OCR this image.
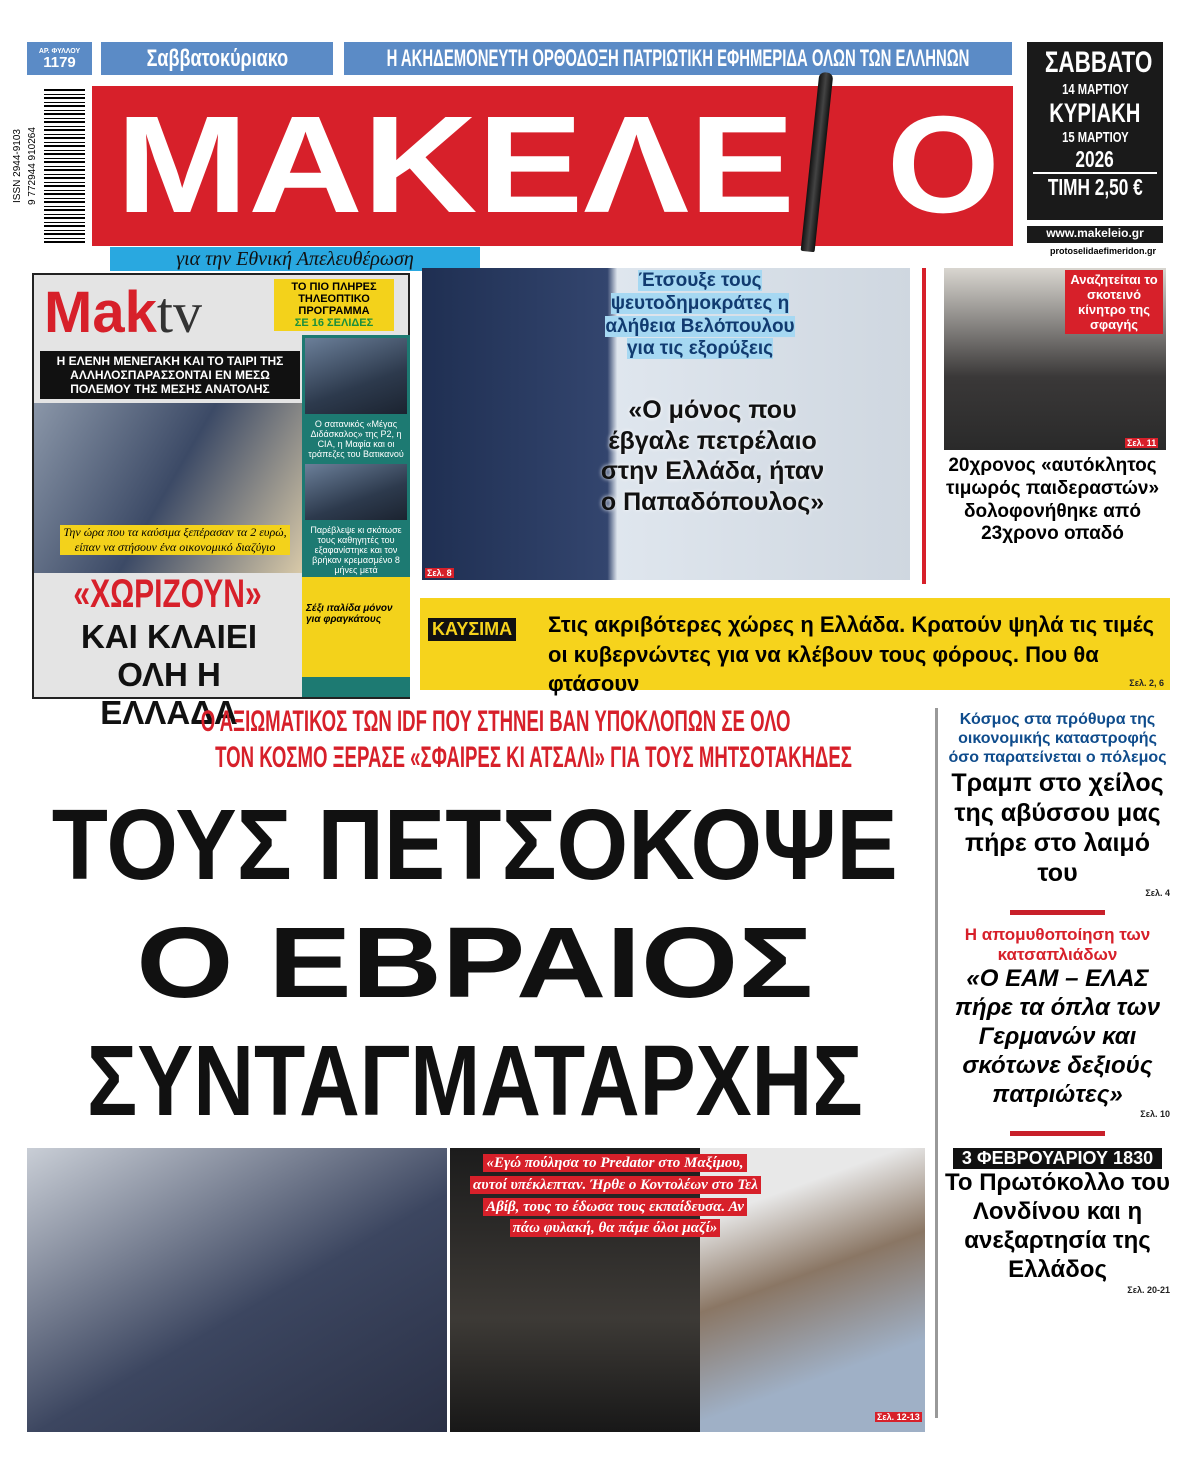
ΑΡ. ΦΥΛΛΟΥ
1179	Σαββατοκύριακο	Η ΑΚΗΔΕΜΟΝΕΥΤΗ ΟΡΘΟΔΟΞΗ ΠΑΤΡΙΩΤΙΚΗ ΕΦΗΜΕΡΙΔΑ ΟΛΩΝ ΤΩΝ ΕΛΛΗΝΩΝ	ΣΑΒΒΑΤΟ
14 ΜΑΡΤΙΟΥ
ΚΥΡΙΑΚΗ
15 ΜΑΡΤΙΟΥ
2026
ΤΙΜΗ 2,50 €
www.makeleio.gr
protoselidaefimeridon.gr
ISSN 2944-9103 9 772944 910264 ΜΑΚΕΛΕ Ο
για την Εθνική Απελευθέρωση
Maktv	ΤΟ ΠΙΟ ΠΛΗΡΕΣ ΤΗΛΕΟΠΤΙΚΟ ΠΡΟΓΡΑΜΜΑ
ΣΕ 16 ΣΕΛΙΔΕΣ
Η ΕΛΕΝΗ ΜΕΝΕΓΑΚΗ ΚΑΙ ΤΟ ΤΑΙΡΙ ΤΗΣ ΑΛΛΗΛΟΣΠΑΡΑΣΣΟΝΤΑΙ ΕΝ ΜΕΣΩ ΠΟΛΕΜΟΥ ΤΗΣ ΜΕΣΗΣ ΑΝΑΤΟΛΗΣ
Ο σατανικός «Μέγας Διδάσκαλος» της P2, η CIA, η Μαφία και οι τράπεζες του Βατικανού
Παρέβλεψε κι σκότωσε τους καθηγητές του εξαφανίστηκε και τον βρήκαν κρεμασμένο 8 μήνες μετά
Σέξι ιταλίδα μόνον για φραγκάτους
Την ώρα που τα καύσιμα ξεπέρασαν τα 2 ευρώ, είπαν να στήσουν ένα οικονομικό διαζύγιο
«ΧΩΡΙΖΟΥΝ»
ΚΑΙ ΚΛΑΙΕΙ ΟΛΗ Η ΕΛΛΑΔΑ
Έτσουξε τους ψευτοδημοκράτες η αλήθεια Βελόπουλου για τις εξορύξεις
«Ο μόνος που έβγαλε πετρέλαιο στην Ελλάδα, ήταν ο Παπαδόπουλος»
Σελ. 8
Αναζητείται το σκοτεινό κίνητρο της σφαγής
Σελ. 11
20χρονος «αυτόκλητος τιμωρός παιδεραστών» δολοφονήθηκε από 23χρονο οπαδό
ΚΑΥΣΙΜΑ Στις ακριβότερες χώρες η Ελλάδα. Κρατούν ψηλά τις τιμές οι κυβερνώντες για να κλέβουν τους φόρους. Που θα φτάσουν	Σελ. 2, 6
Ο ΑΞΙΩΜΑΤΙΚΟΣ ΤΩΝ IDF ΠΟΥ ΣΤΗΝΕΙ ΒΑΝ ΥΠΟΚΛΟΠΩΝ ΣΕ ΟΛΟ
ΤΟΝ ΚΟΣΜΟ ΞΕΡΑΣΕ «ΣΦΑΙΡΕΣ ΚΙ ΑΤΣΑΛΙ» ΓΙΑ ΤΟΥΣ ΜΗΤΣΟΤΑΚΗΔΕΣ
ΤΟΥΣ ΠΕΤΣΟΚΟΨΕ
Ο ΕΒΡΑΙΟΣ
ΣΥΝΤΑΓΜΑΤΑΡΧΗΣ
«Εγώ πούλησα το Predator στο Μαξίμου, αυτοί υπέκλεπταν. Ήρθε ο Κοντολέων στο Τελ Αβίβ, τους το έδωσα τους εκπαίδευσα. Αν πάω φυλακή, θα πάμε όλοι μαζί»
Σελ. 12-13
Κόσμος στα πρόθυρα της οικονομικής καταστροφής όσο παρατείνεται ο πόλεμος
Τραμπ στο χείλος της αβύσσου μας πήρε στο λαιμό του
Σελ. 4
Η απομυθοποίηση των κατσαπλιάδων
«Ο ΕΑΜ – ΕΛΑΣ πήρε τα όπλα των Γερμανών και σκότωνε δεξιούς πατριώτες»
Σελ. 10
3 ΦΕΒΡΟΥΑΡΙΟΥ 1830
Το Πρωτόκολλο του Λονδίνου και η ανεξαρτησία της Ελλάδος
Σελ. 20-21
